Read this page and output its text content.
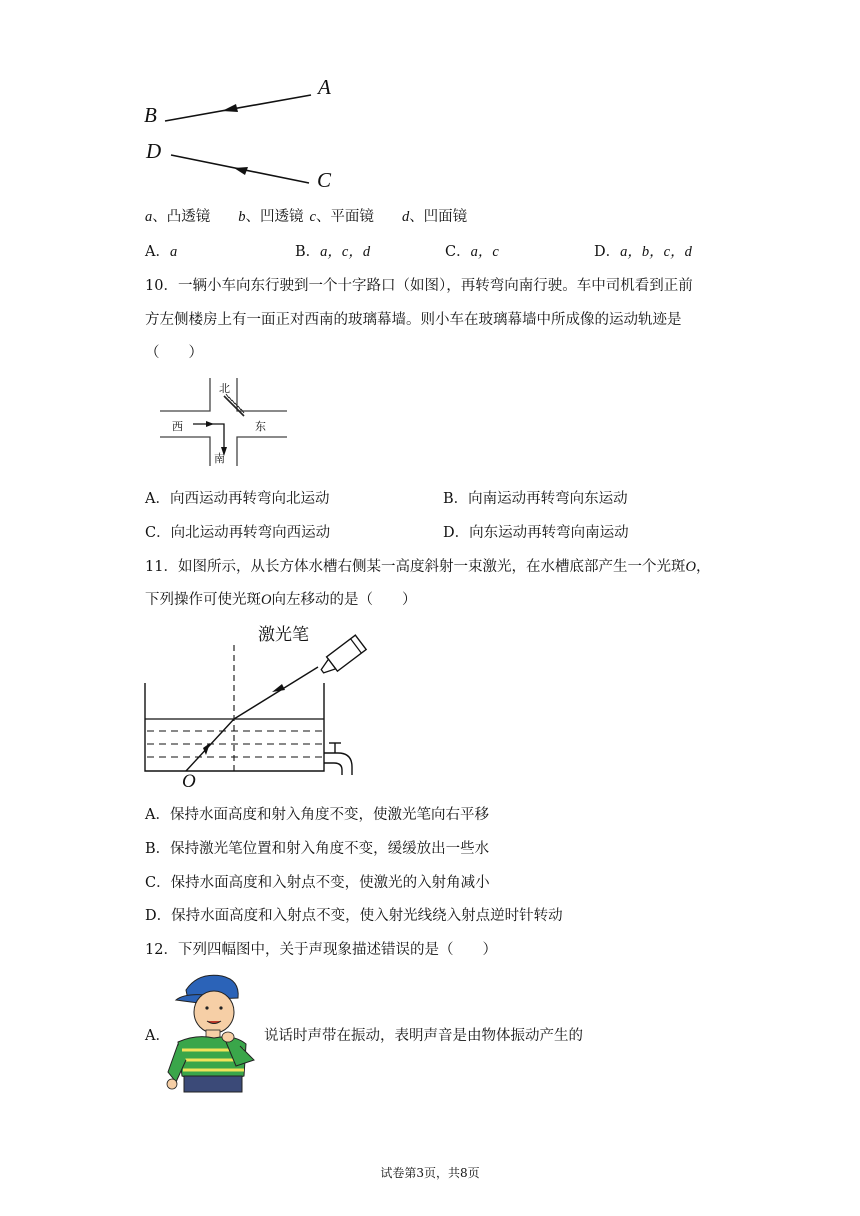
A
B
D
C
a、凸透镜 b、凹透镜 c、平面镜 d、凹面镜
A．a	B．a，c，d	C．a，c	D．a，b，c，d
10．一辆小车向东行驶到一个十字路口（如图），再转弯向南行驶。车中司机看到正前
方左侧楼房上有一面正对西南的玻璃幕墙。则小车在玻璃幕墙中所成像的运动轨迹是
（　　）
北
西	东
南
A．向西运动再转弯向北运动	B．向南运动再转弯向东运动
C．向北运动再转弯向西运动	D．向东运动再转弯向南运动
11．如图所示，从长方体水槽右侧某一高度斜射一束激光，在水槽底部产生一个光斑O，
下列操作可使光斑O向左移动的是（　　）
激光笔
O
A．保持水面高度和射入角度不变，使激光笔向右平移
B．保持激光笔位置和射入角度不变，缓缓放出一些水
C．保持水面高度和入射点不变，使激光的入射角减小
D．保持水面高度和入射点不变，使入射光线绕入射点逆时针转动
12．下列四幅图中，关于声现象描述错误的是（　　）
A．	说话时声带在振动，表明声音是由物体振动产生的
试卷第3页，共8页
